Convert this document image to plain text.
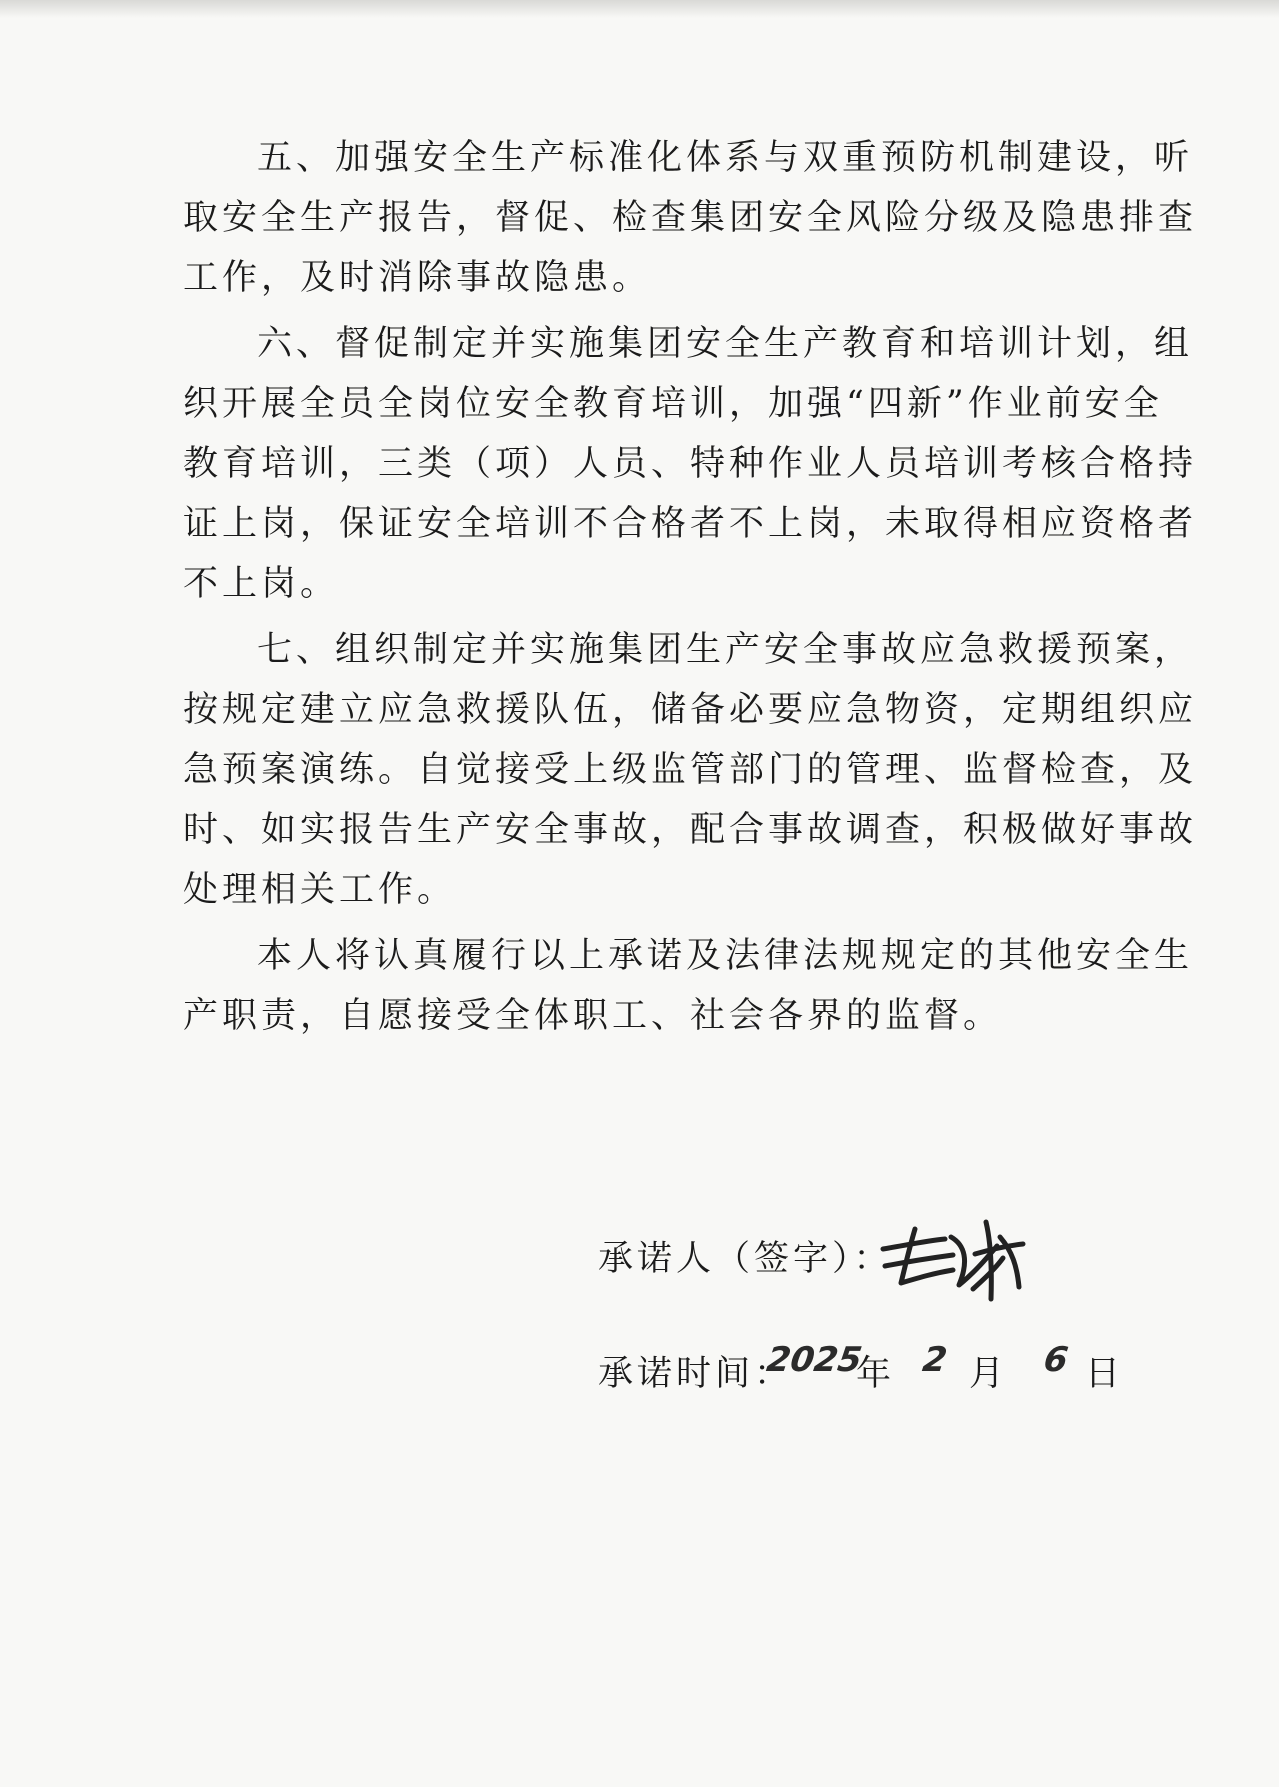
五、加强安全生产标准化体系与双重预防机制建设，听
取安全生产报告，督促、检查集团安全风险分级及隐患排查
工作，及时消除事故隐患。

六、督促制定并实施集团安全生产教育和培训计划，组
织开展全员全岗位安全教育培训，加强“四新”作业前安全
教育培训，三类（项）人员、特种作业人员培训考核合格持
证上岗，保证安全培训不合格者不上岗，未取得相应资格者
不上岗。

七、组织制定并实施集团生产安全事故应急救援预案，
按规定建立应急救援队伍，储备必要应急物资，定期组织应
急预案演练。自觉接受上级监管部门的管理、监督检查，及
时、如实报告生产安全事故，配合事故调查，积极做好事故
处理相关工作。

本人将认真履行以上承诺及法律法规规定的其他安全生
产职责，自愿接受全体职工、社会各界的监督。

承诺人（签字）：
承诺时间：
2025
年 2 月 6 日
